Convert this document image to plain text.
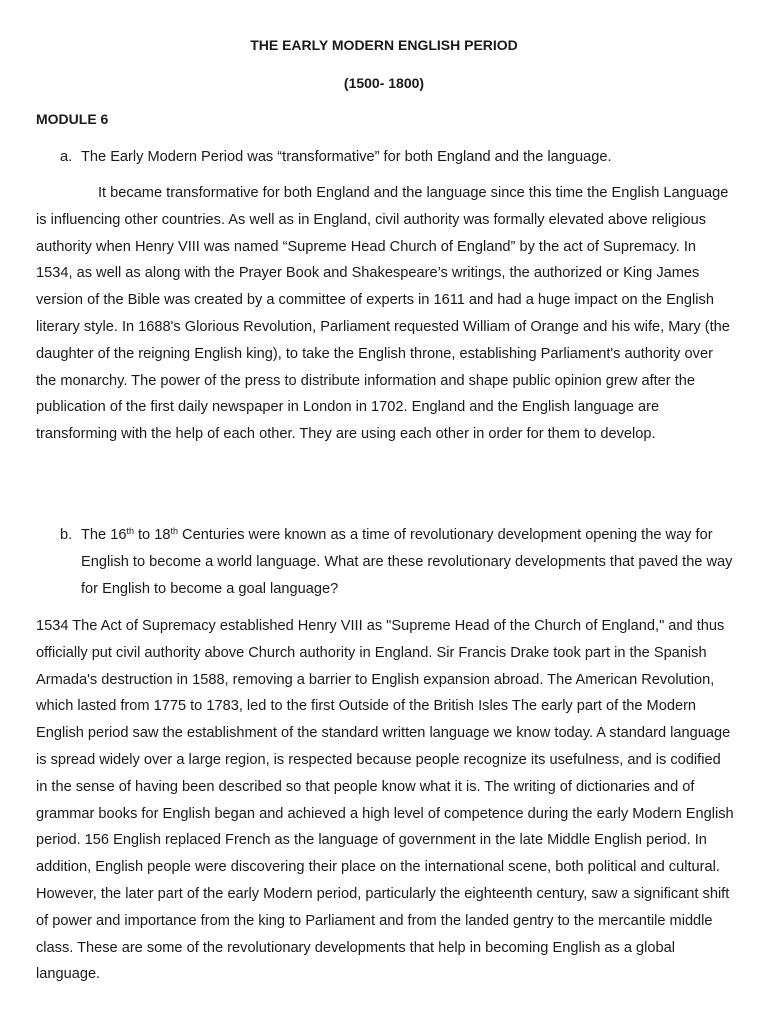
THE EARLY MODERN ENGLISH PERIOD
(1500- 1800)
MODULE 6
a. The Early Modern Period was “transformative” for both England and the language.

It became transformative for both England and the language since this time the English Language is influencing other countries. As well as in England, civil authority was formally elevated above religious authority when Henry VIII was named “Supreme Head Church of England” by the act of Supremacy. In 1534, as well as along with the Prayer Book and Shakespeare’s writings, the authorized or King James version of the Bible was created by a committee of experts in 1611 and had a huge impact on the English literary style. In 1688's Glorious Revolution, Parliament requested William of Orange and his wife, Mary (the daughter of the reigning English king), to take the English throne, establishing Parliament's authority over the monarchy. The power of the press to distribute information and shape public opinion grew after the publication of the first daily newspaper in London in 1702. England and the English language are transforming with the help of each other. They are using each other in order for them to develop.

b. The 16th to 18th Centuries were known as a time of revolutionary development opening the way for English to become a world language. What are these revolutionary developments that paved the way for English to become a goal language?

1534 The Act of Supremacy established Henry VIII as "Supreme Head of the Church of England," and thus officially put civil authority above Church authority in England. Sir Francis Drake took part in the Spanish Armada's destruction in 1588, removing a barrier to English expansion abroad. The American Revolution, which lasted from 1775 to 1783, led to the first Outside of the British Isles The early part of the Modern English period saw the establishment of the standard written language we know today. A standard language is spread widely over a large region, is respected because people recognize its usefulness, and is codified in the sense of having been described so that people know what it is. The writing of dictionaries and of grammar books for English began and achieved a high level of competence during the early Modern English period. 156 English replaced French as the language of government in the late Middle English period. In addition, English people were discovering their place on the international scene, both political and cultural. However, the later part of the early Modern period, particularly the eighteenth century, saw a significant shift of power and importance from the king to Parliament and from the landed gentry to the mercantile middle class. These are some of the revolutionary developments that help in becoming English as a global language.
